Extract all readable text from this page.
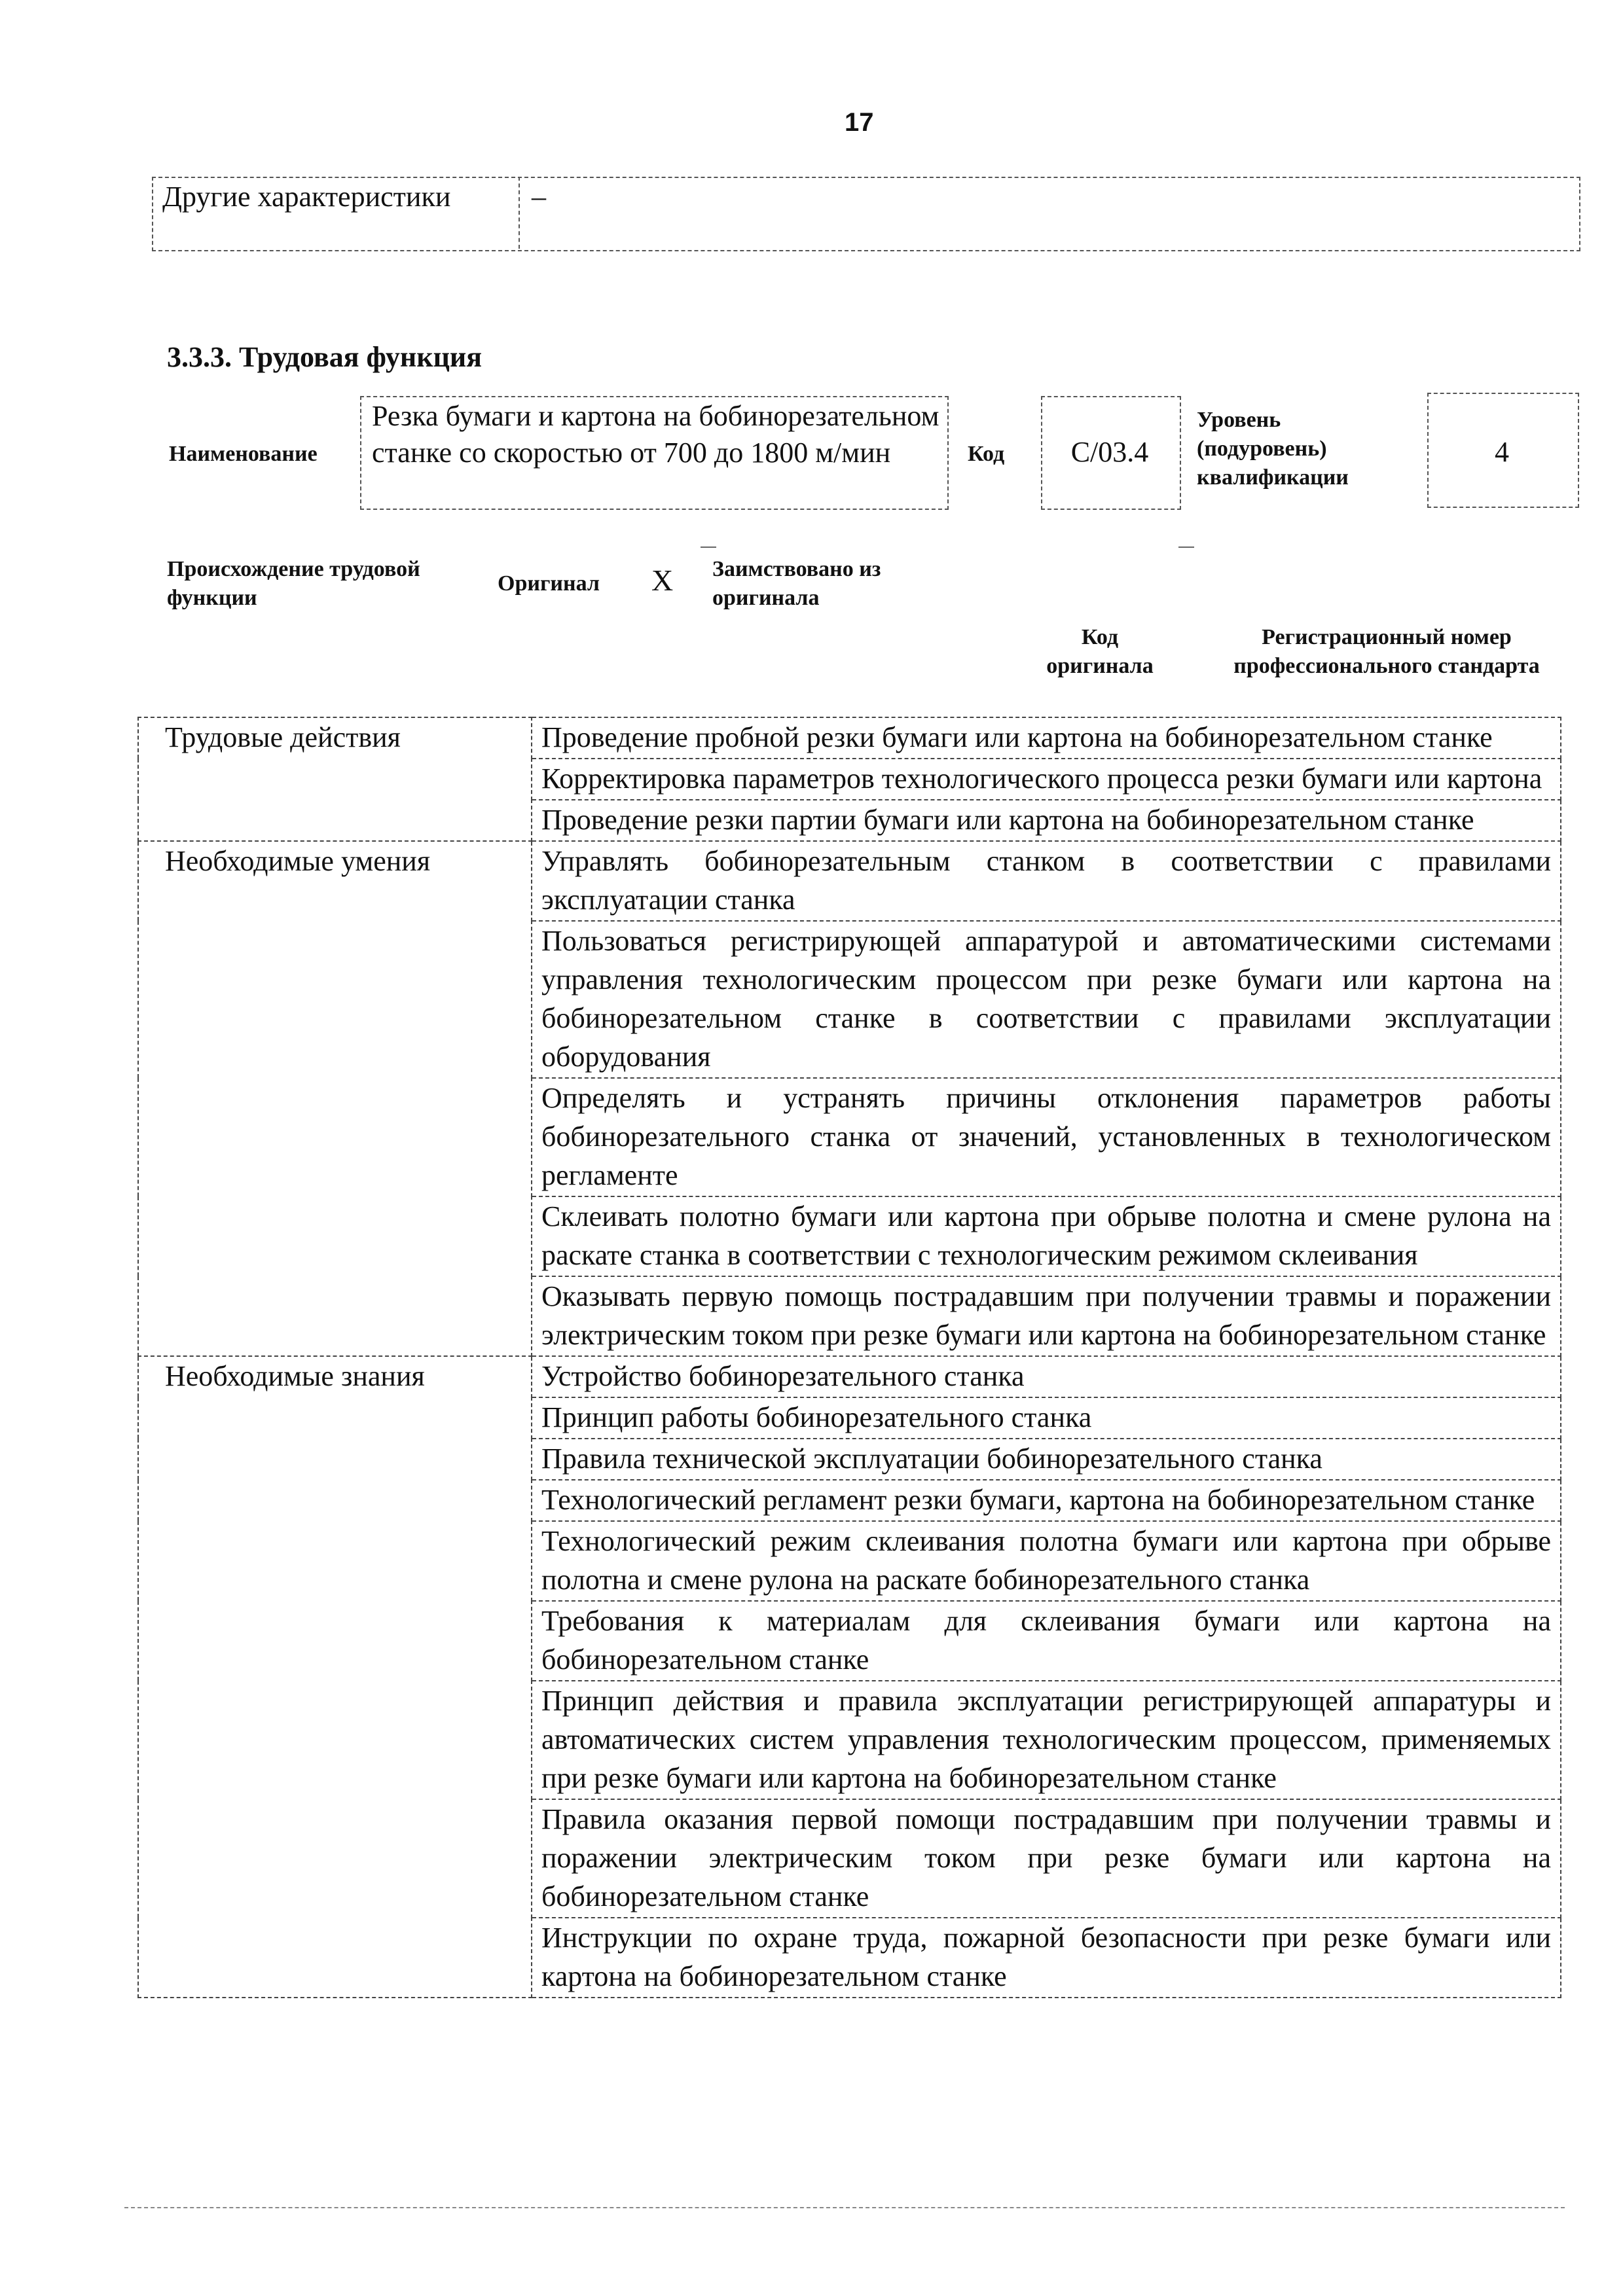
17
Другие характеристики	–
3.3.3. Трудовая функция
Наименование
Резка бумаги и картона на бобинорезательном станке со скоростью от 700 до 1800 м/мин	Код	С/03.4
Уровень (подуровень) квалификации
4
Происхождение трудовой функции
Оригинал X Заимствовано из оригинала
Код оригинала
Регистрационный номер профессионального стандарта
Трудовые действия	Проведение пробной резки бумаги или картона на бобинорезательном станке
	Корректировка параметров технологического процесса резки бумаги или картона
	Проведение резки партии бумаги или картона на бобинорезательном станке
Необходимые умения	Управлять бобинорезательным станком в соответствии с правилами эксплуатации станка
	Пользоваться регистрирующей аппаратурой и автоматическими системами управления технологическим процессом при резке бумаги или картона на бобинорезательном станке в соответствии с правилами эксплуатации оборудования
	Определять и устранять причины отклонения параметров работы бобинорезательного станка от значений, установленных в технологическом регламенте
	Склеивать полотно бумаги или картона при обрыве полотна и смене рулона на раскате станка в соответствии с технологическим режимом склеивания
	Оказывать первую помощь пострадавшим при получении травмы и поражении электрическим током при резке бумаги или картона на бобинорезательном станке
Необходимые знания	Устройство бобинорезательного станка
	Принцип работы бобинорезательного станка
	Правила технической эксплуатации бобинорезательного станка
	Технологический регламент резки бумаги, картона на бобинорезательном станке
	Технологический режим склеивания полотна бумаги или картона при обрыве полотна и смене рулона на раскате бобинорезательного станка
	Требования к материалам для склеивания бумаги или картона на бобинорезательном станке
	Принцип действия и правила эксплуатации регистрирующей аппаратуры и автоматических систем управления технологическим процессом, применяемых при резке бумаги или картона на бобинорезательном станке
	Правила оказания первой помощи пострадавшим при получении травмы и поражении электрическим током при резке бумаги или картона на бобинорезательном станке
	Инструкции по охране труда, пожарной безопасности при резке бумаги или картона на бобинорезательном станке
